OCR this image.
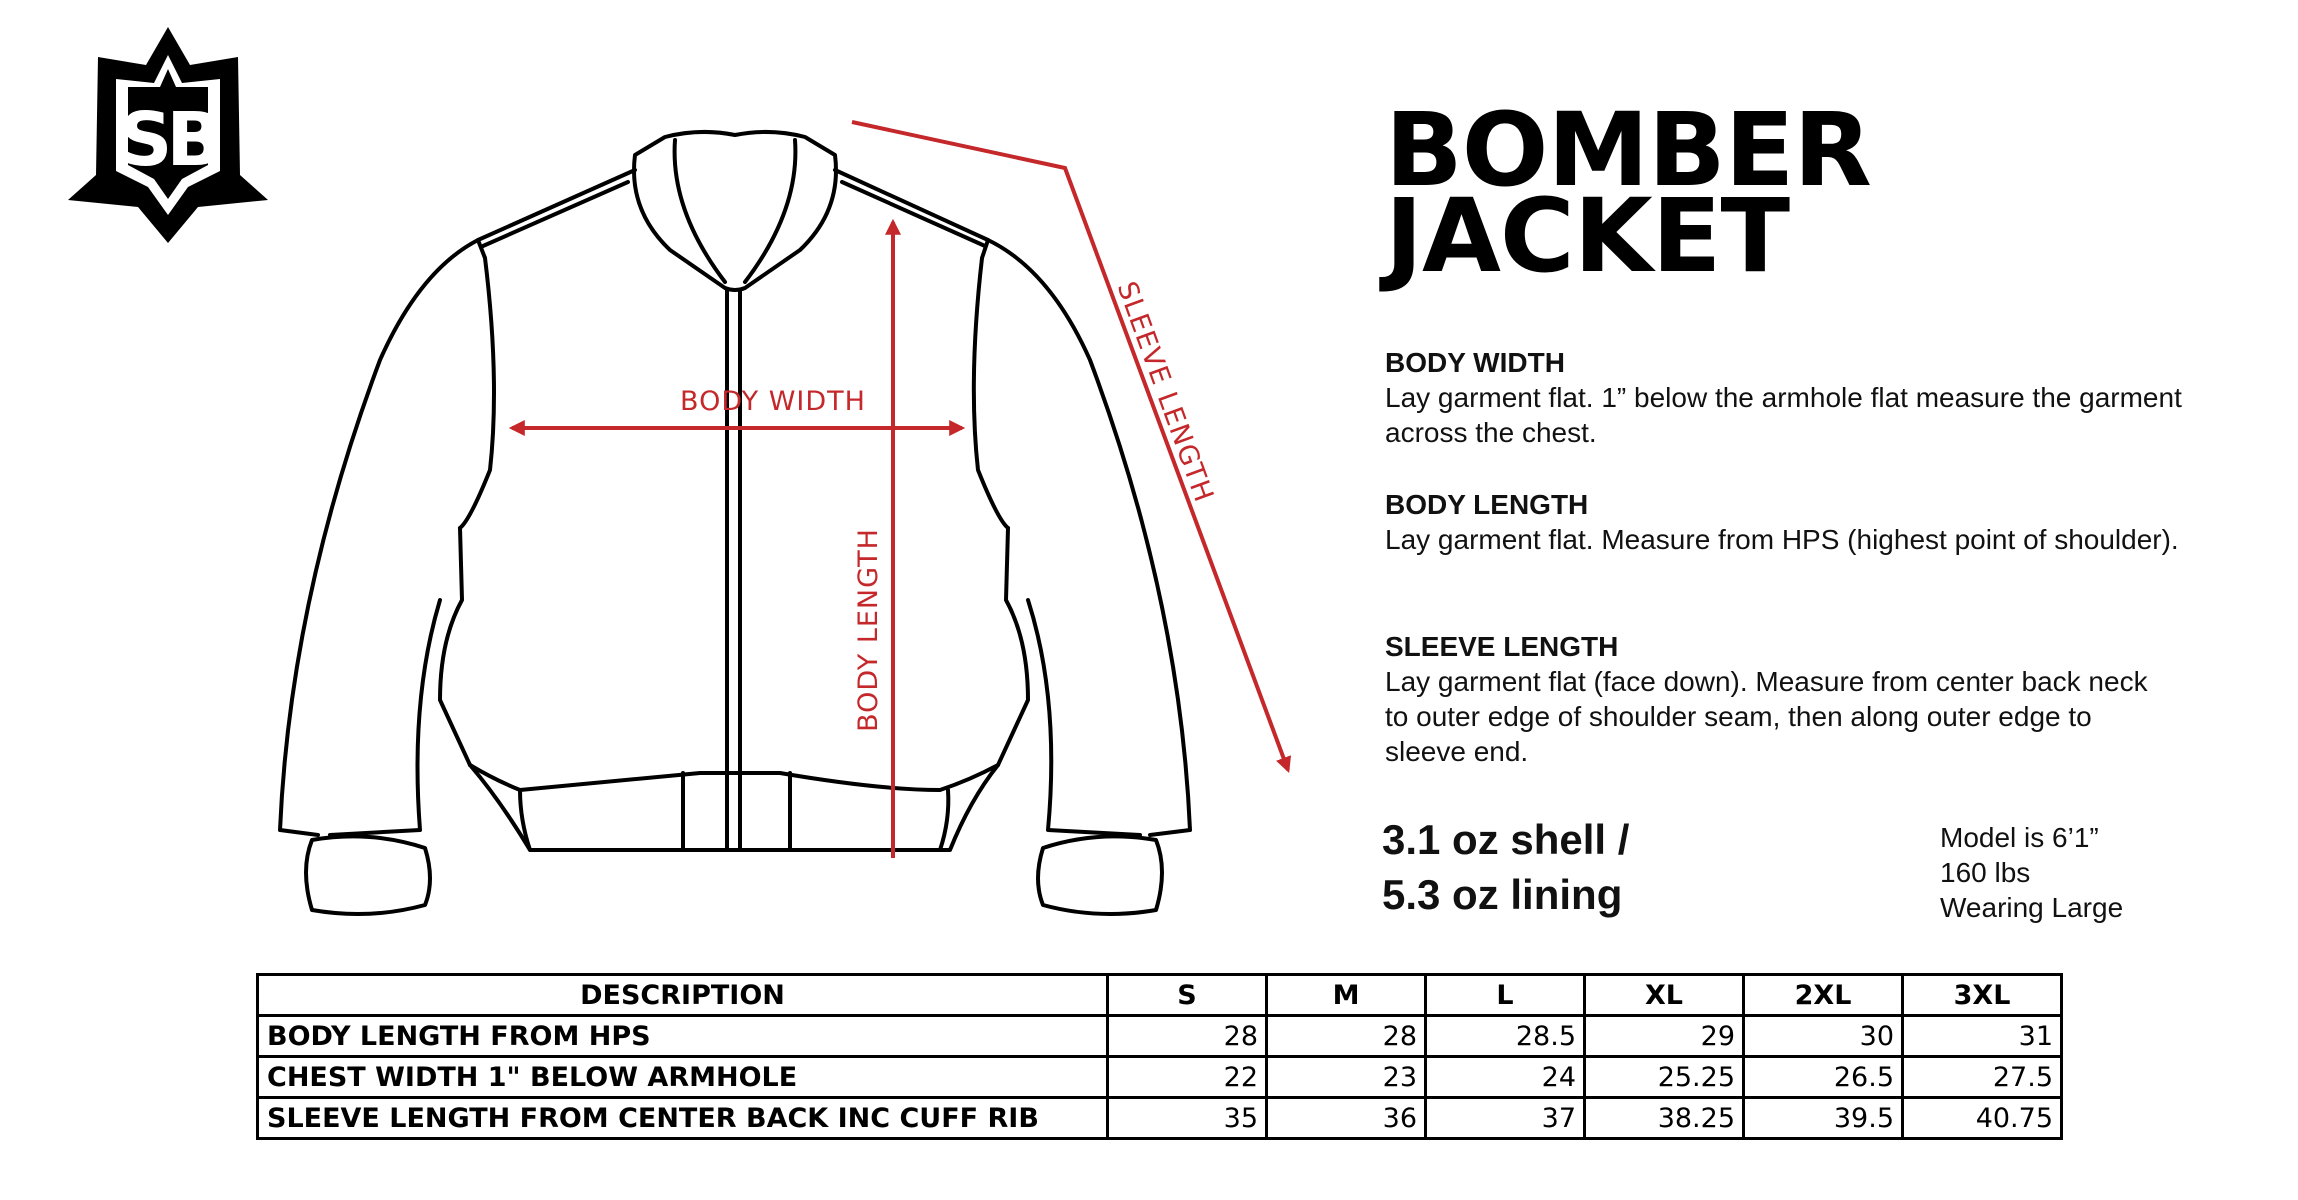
SB
BODY WIDTH
BODY LENGTH
SLEEVE LENGTH
BOMBER
JACKET
BODY WIDTH

Lay garment flat. 1” below the armhole flat measure the garment across the chest.

BODY LENGTH

Lay garment flat. Measure from HPS (highest point of shoulder).

SLEEVE LENGTH

Lay garment flat (face down). Measure from center back neck to outer edge of shoulder seam, then along outer edge to sleeve end.

3.1 oz shell /
5.3 oz lining
Model is 6’1”
160 lbs
Wearing Large
DESCRIPTION	S	M	L	XL	2XL	3XL
BODY LENGTH FROM HPS	28	28	28.5	29	30	31
CHEST WIDTH 1" BELOW ARMHOLE	22	23	24	25.25	26.5	27.5
SLEEVE LENGTH FROM CENTER BACK INC CUFF RIB	35	36	37	38.25	39.5	40.75
